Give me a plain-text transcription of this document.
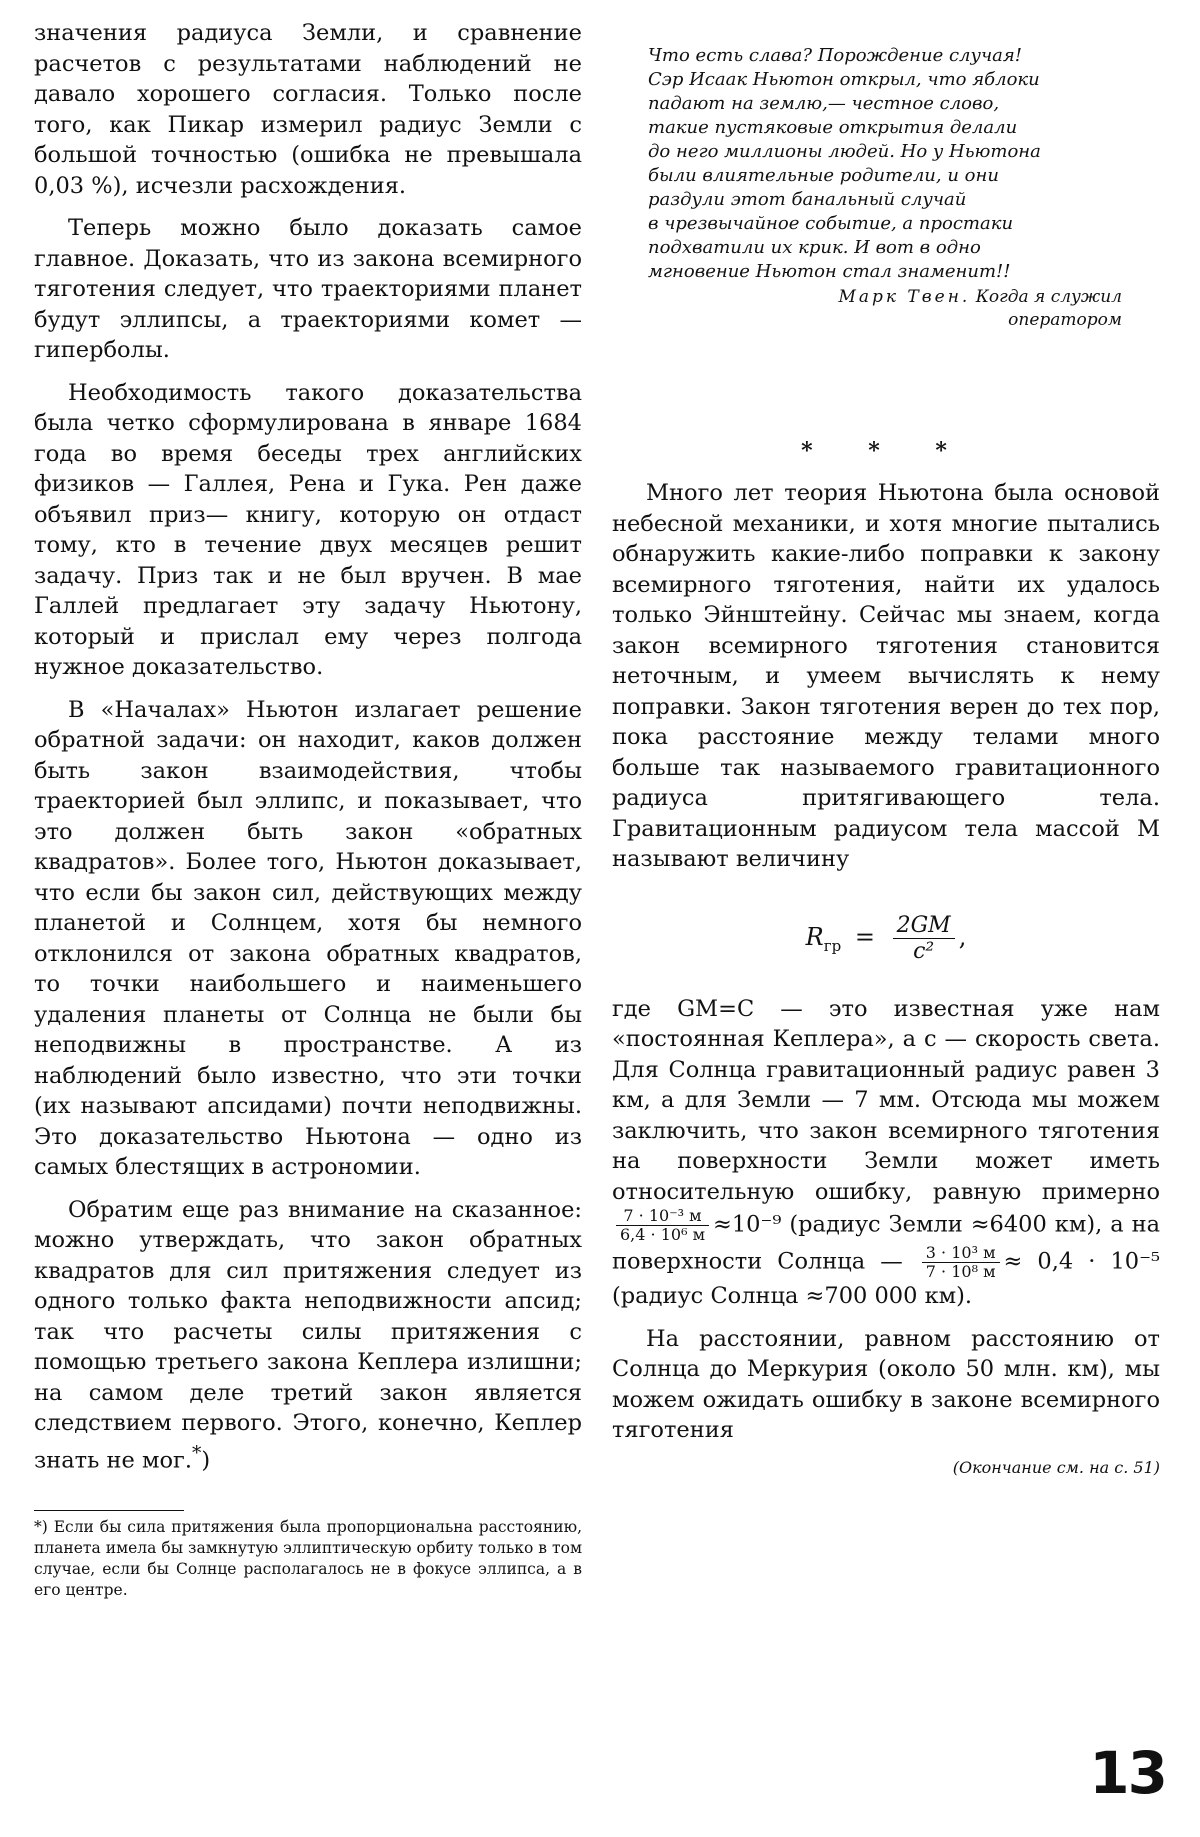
значения радиуса Земли, и сравнение расчетов с результатами наблюдений не давало хорошего согласия. Только после того, как Пикар измерил радиус Земли с большой точностью (ошибка не превышала 0,03 %), исчезли расхождения.

Теперь можно было доказать самое главное. Доказать, что из закона всемирного тяготения следует, что траекториями планет будут эллипсы, а траекториями комет — гиперболы.

Необходимость такого доказательства была четко сформулирована в январе 1684 года во время беседы трех английских физиков — Галлея, Рена и Гука. Рен даже объявил приз— книгу, которую он отдаст тому, кто в течение двух месяцев решит задачу. Приз так и не был вручен. В мае Галлей предлагает эту задачу Ньютону, который и прислал ему через полгода нужное доказательство.

В «Началах» Ньютон излагает решение обратной задачи: он находит, каков должен быть закон взаимодействия, чтобы траекторией был эллипс, и показывает, что это должен быть закон «обратных квадратов». Более того, Ньютон доказывает, что если бы закон сил, действующих между планетой и Солнцем, хотя бы немного отклонился от закона обратных квадратов, то точки наибольшего и наименьшего удаления планеты от Солнца не были бы неподвижны в пространстве. А из наблюдений было известно, что эти точки (их называют апсидами) почти неподвижны. Это доказательство Ньютона — одно из самых блестящих в астрономии.

Обратим еще раз внимание на сказанное: можно утверждать, что закон обратных квадратов для сил притяжения следует из одного только факта неподвижности апсид; так что расчеты силы притяжения с помощью третьего закона Кеплера излишни; на самом деле третий закон является следствием первого. Этого, конечно, Кеплер знать не мог.*)

*) Если бы сила притяжения была пропорциональна расстоянию, планета имела бы замкнутую эллиптическую орбиту только в том случае, если бы Солнце располагалось не в фокусе эллипса, а в его центре.

Что есть слава? Порождение случая!
Сэр Исаак Ньютон открыл, что яблоки
падают на землю,— честное слово,
такие пустяковые открытия делали
до него миллионы людей. Но у Ньютона
были влиятельные родители, и они
раздули этот банальный случай
в чрезвычайное событие, а простаки
подхватили их крик. И вот в одно
мгновение Ньютон стал знаменит!!
Марк Твен. Когда я служил
оператором
* * *

Много лет теория Ньютона была основой небесной механики, и хотя многие пытались обнаружить какие-либо поправки к закону всемирного тяготения, найти их удалось только Эйнштейну. Сейчас мы знаем, когда закон всемирного тяготения становится неточным, и умеем вычислять к нему поправки. Закон тяготения верен до тех пор, пока расстояние между телами много больше так называемого гравитационного радиуса притягивающего тела. Гравитационным радиусом тела массой M называют величину

$R_{гр} = \frac{2GM}{\text{c²}}$ ,

где GM=C — это известная уже нам «постоянная Кеплера», а c — скорость света. Для Солнца гравитационный радиус равен 3 км, а для Земли — 7 мм. Отсюда мы можем заключить, что закон всемирного тяготения на поверхности Земли может иметь относительную ошибку, равную примерно
$\frac{\text{7 · 10⁻³ м}}{\text{6,4 · 10⁶ м}} \approx 10^{-9}$ (радиус Земли ≈6400 км), а на поверхности Солнца — $\frac{\text{3 · 10³ м}}{\text{7 · 10⁸ м}} \approx 0,4 \cdot 10^{-5}$ (радиус Солнца ≈700 000 км).

На расстоянии, равном расстоянию от Солнца до Меркурия (около 50 млн. км), мы можем ожидать ошибку в законе всемирного тяготения

(Окончание см. на с. 51)
13
